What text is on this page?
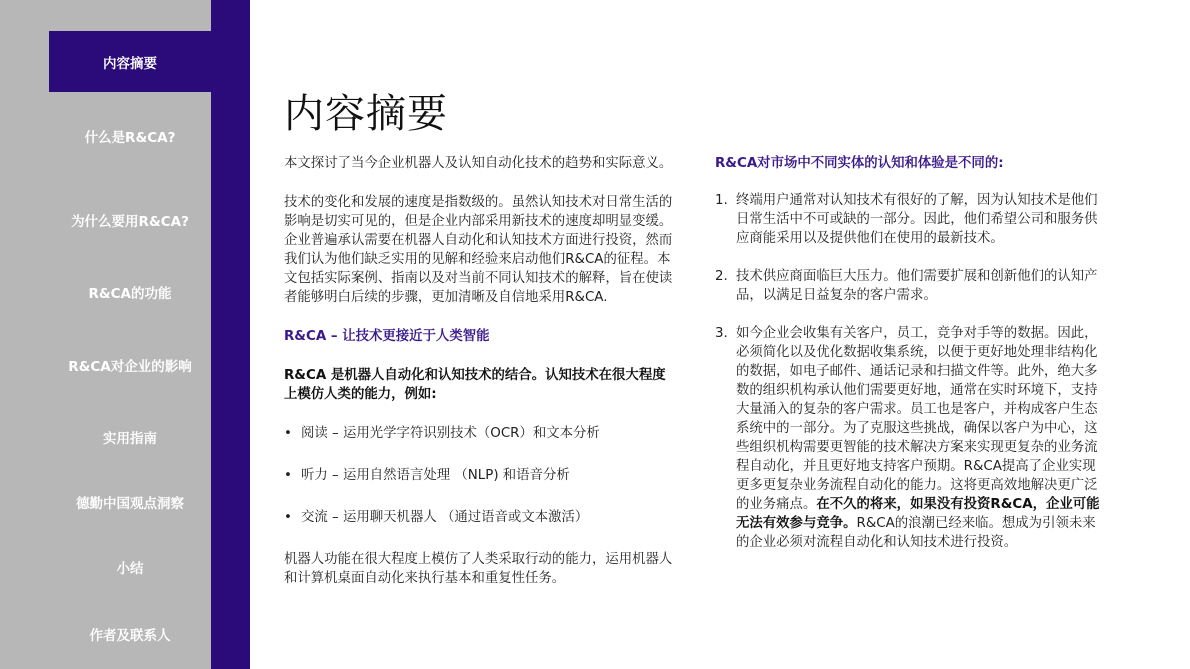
内容摘要
什么是R&CA?
为什么要用R&CA?
R&CA的功能
R&CA对企业的影响
实用指南
德勤中国观点洞察
小结
作者及联系人
内容摘要

本文探讨了当今企业机器人及认知自动化技术的趋势和实际意义。

技术的变化和发展的速度是指数级的。虽然认知技术对日常生活的影响是切实可见的，但是企业内部采用新技术的速度却明显变缓。企业普遍承认需要在机器人自动化和认知技术方面进行投资，然而我们认为他们缺乏实用的见解和经验来启动他们R&CA的征程。本文包括实际案例、指南以及对当前不同认知技术的解释，旨在使读者能够明白后续的步骤，更加清晰及自信地采用R&CA.

R&CA – 让技术更接近于人类智能

R&CA 是机器人自动化和认知技术的结合。认知技术在很大程度上模仿人类的能力，例如:

• 阅读 – 运用光学字符识别技术（OCR）和文本分析
• 听力 – 运用自然语言处理 （NLP) 和语音分析
• 交流 – 运用聊天机器人 （通过语音或文本激活）

机器人功能在很大程度上模仿了人类采取行动的能力，运用机器人和计算机桌面自动化来执行基本和重复性任务。

R&CA对市场中不同实体的认知和体验是不同的:

1. 终端用户通常对认知技术有很好的了解，因为认知技术是他们日常生活中不可或缺的一部分。因此，他们希望公司和服务供应商能采用以及提供他们在使用的最新技术。
2. 技术供应商面临巨大压力。他们需要扩展和创新他们的认知产品，以满足日益复杂的客户需求。
3. 如今企业会收集有关客户，员工，竞争对手等的数据。因此，必须简化以及优化数据收集系统，以便于更好地处理非结构化的数据，如电子邮件、通话记录和扫描文件等。此外，绝大多数的组织机构承认他们需要更好地，通常在实时环境下，支持大量涌入的复杂的客户需求。员工也是客户，并构成客户生态系统中的一部分。为了克服这些挑战，确保以客户为中心，这些组织机构需要更智能的技术解决方案来实现更复杂的业务流程自动化，并且更好地支持客户预期。R&CA提高了企业实现更多更复杂业务流程自动化的能力。这将更高效地解决更广泛的业务痛点。在不久的将来，如果没有投资R&CA，企业可能无法有效参与竞争。R&CA的浪潮已经来临。想成为引领未来的企业必须对流程自动化和认知技术进行投资。
